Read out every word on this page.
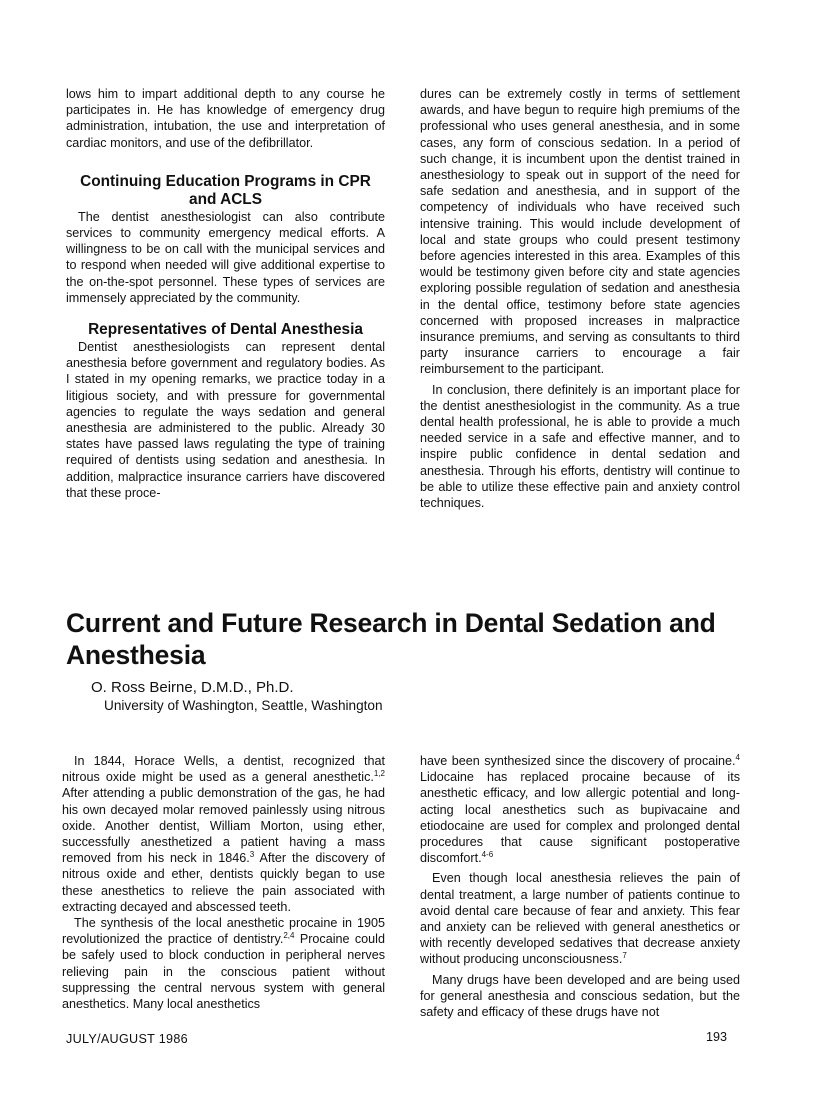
lows him to impart additional depth to any course he participates in. He has knowledge of emergency drug administration, intubation, the use and interpretation of cardiac monitors, and use of the defibrillator.

Continuing Education Programs in CPR and ACLS

The dentist anesthesiologist can also contribute services to community emergency medical efforts. A willingness to be on call with the municipal services and to respond when needed will give additional expertise to the on-the-spot personnel. These types of services are immensely appreciated by the community.

Representatives of Dental Anesthesia

Dentist anesthesiologists can represent dental anesthesia before government and regulatory bodies. As I stated in my opening remarks, we practice today in a litigious society, and with pressure for governmental agencies to regulate the ways sedation and general anesthesia are administered to the public. Already 30 states have passed laws regulating the type of training required of dentists using sedation and anesthesia. In addition, malpractice insurance carriers have discovered that these proce-

dures can be extremely costly in terms of settlement awards, and have begun to require high premiums of the professional who uses general anesthesia, and in some cases, any form of conscious sedation. In a period of such change, it is incumbent upon the dentist trained in anesthesiology to speak out in support of the need for safe sedation and anesthesia, and in support of the competency of individuals who have received such intensive training. This would include development of local and state groups who could present testimony before agencies interested in this area. Examples of this would be testimony given before city and state agencies exploring possible regulation of sedation and anesthesia in the dental office, testimony before state agencies concerned with proposed increases in malpractice insurance premiums, and serving as consultants to third party insurance carriers to encourage a fair reimbursement to the participant.

In conclusion, there definitely is an important place for the dentist anesthesiologist in the community. As a true dental health professional, he is able to provide a much needed service in a safe and effective manner, and to inspire public confidence in dental sedation and anesthesia. Through his efforts, dentistry will continue to be able to utilize these effective pain and anxiety control techniques.

Current and Future Research in Dental Sedation and Anesthesia

O. Ross Beirne, D.M.D., Ph.D.

University of Washington, Seattle, Washington

In 1844, Horace Wells, a dentist, recognized that nitrous oxide might be used as a general anesthetic.$^{1,2}$ After attending a public demonstration of the gas, he had his own decayed molar removed painlessly using nitrous oxide. Another dentist, William Morton, using ether, successfully anesthetized a patient having a mass removed from his neck in 1846.$^3$ After the discovery of nitrous oxide and ether, dentists quickly began to use these anesthetics to relieve the pain associated with extracting decayed and abscessed teeth.

The synthesis of the local anesthetic procaine in 1905 revolutionized the practice of dentistry.$^{2,4}$ Procaine could be safely used to block conduction in peripheral nerves relieving pain in the conscious patient without suppressing the central nervous system with general anesthetics. Many local anesthetics

have been synthesized since the discovery of procaine.$^4$ Lidocaine has replaced procaine because of its anesthetic efficacy, and low allergic potential and long-acting local anesthetics such as bupivacaine and etiodocaine are used for complex and prolonged dental procedures that cause significant postoperative discomfort.$^{4-6}$

Even though local anesthesia relieves the pain of dental treatment, a large number of patients continue to avoid dental care because of fear and anxiety. This fear and anxiety can be relieved with general anesthetics or with recently developed sedatives that decrease anxiety without producing unconsciousness.$^7$

Many drugs have been developed and are being used for general anesthesia and conscious sedation, but the safety and efficacy of these drugs have not

JULY/AUGUST 1986	193
